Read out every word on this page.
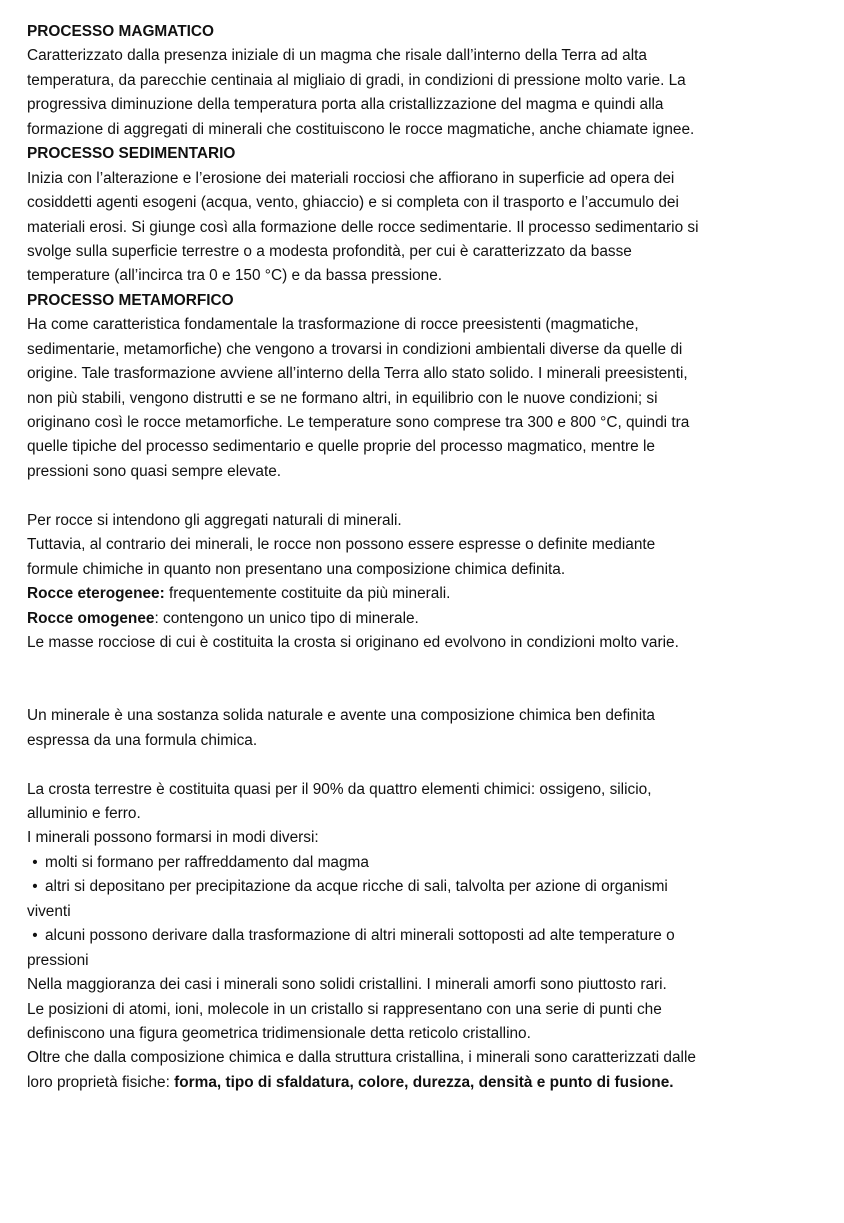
PROCESSO MAGMATICO
Caratterizzato dalla presenza iniziale di un magma che risale dall’interno della Terra ad alta
temperatura, da parecchie centinaia al migliaio di gradi, in condizioni di pressione molto varie. La
progressiva diminuzione della temperatura porta alla cristallizzazione del magma e quindi alla
formazione di aggregati di minerali che costituiscono le rocce magmatiche, anche chiamate ignee.
PROCESSO SEDIMENTARIO
Inizia con l’alterazione e l’erosione dei materiali rocciosi che affiorano in superficie ad opera dei
cosiddetti agenti esogeni (acqua, vento, ghiaccio) e si completa con il trasporto e l’accumulo dei
materiali erosi. Si giunge così alla formazione delle rocce sedimentarie. Il processo sedimentario si
svolge sulla superficie terrestre o a modesta profondità, per cui è caratterizzato da basse
temperature (all’incirca tra 0 e 150 °C) e da bassa pressione.
PROCESSO METAMORFICO
Ha come caratteristica fondamentale la trasformazione di rocce preesistenti (magmatiche,
sedimentarie, metamorfiche) che vengono a trovarsi in condizioni ambientali diverse da quelle di
origine. Tale trasformazione avviene all’interno della Terra allo stato solido. I minerali preesistenti,
non più stabili, vengono distrutti e se ne formano altri, in equilibrio con le nuove condizioni; si
originano così le rocce metamorfiche. Le temperature sono comprese tra 300 e 800 °C, quindi tra
quelle tipiche del processo sedimentario e quelle proprie del processo magmatico, mentre le
pressioni sono quasi sempre elevate.
Per rocce si intendono gli aggregati naturali di minerali.
Tuttavia, al contrario dei minerali, le rocce non possono essere espresse o definite mediante
formule chimiche in quanto non presentano una composizione chimica definita.
Rocce eterogenee: frequentemente costituite da più minerali.
Rocce omogenee: contengono un unico tipo di minerale.
Le masse rocciose di cui è costituita la crosta si originano ed evolvono in condizioni molto varie.
Un minerale è una sostanza solida naturale e avente una composizione chimica ben definita
espressa da una formula chimica.
La crosta terrestre è costituita quasi per il 90% da quattro elementi chimici: ossigeno, silicio,
alluminio e ferro.
I minerali possono formarsi in modi diversi:
• molti si formano per raffreddamento dal magma
• altri si depositano per precipitazione da acque ricche di sali, talvolta per azione di organismi
viventi
• alcuni possono derivare dalla trasformazione di altri minerali sottoposti ad alte temperature o
pressioni
Nella maggioranza dei casi i minerali sono solidi cristallini. I minerali amorfi sono piuttosto rari.
Le posizioni di atomi, ioni, molecole in un cristallo si rappresentano con una serie di punti che
definiscono una figura geometrica tridimensionale detta reticolo cristallino.
Oltre che dalla composizione chimica e dalla struttura cristallina, i minerali sono caratterizzati dalle
loro proprietà fisiche: forma, tipo di sfaldatura, colore, durezza, densità e punto di fusione.
